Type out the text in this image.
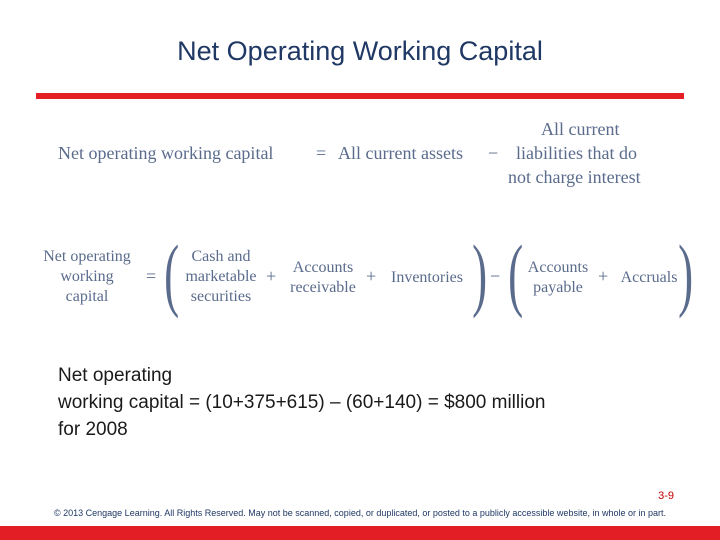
Net Operating Working Capital
Net operating working capital = All current assets −
All current
liabilities that do
not charge interest
Net operating
working
capital
= ( Cash and
marketable
securities
+	Accounts
receivable
+ Inventories ) − ( Accounts
payable
+ Accruals )
Net operating
working capital = (10+375+615) – (60+140) = $800 million
for 2008
3-9
© 2013 Cengage Learning. All Rights Reserved. May not be scanned, copied, or duplicated, or posted to a publicly accessible website, in whole or in part.
